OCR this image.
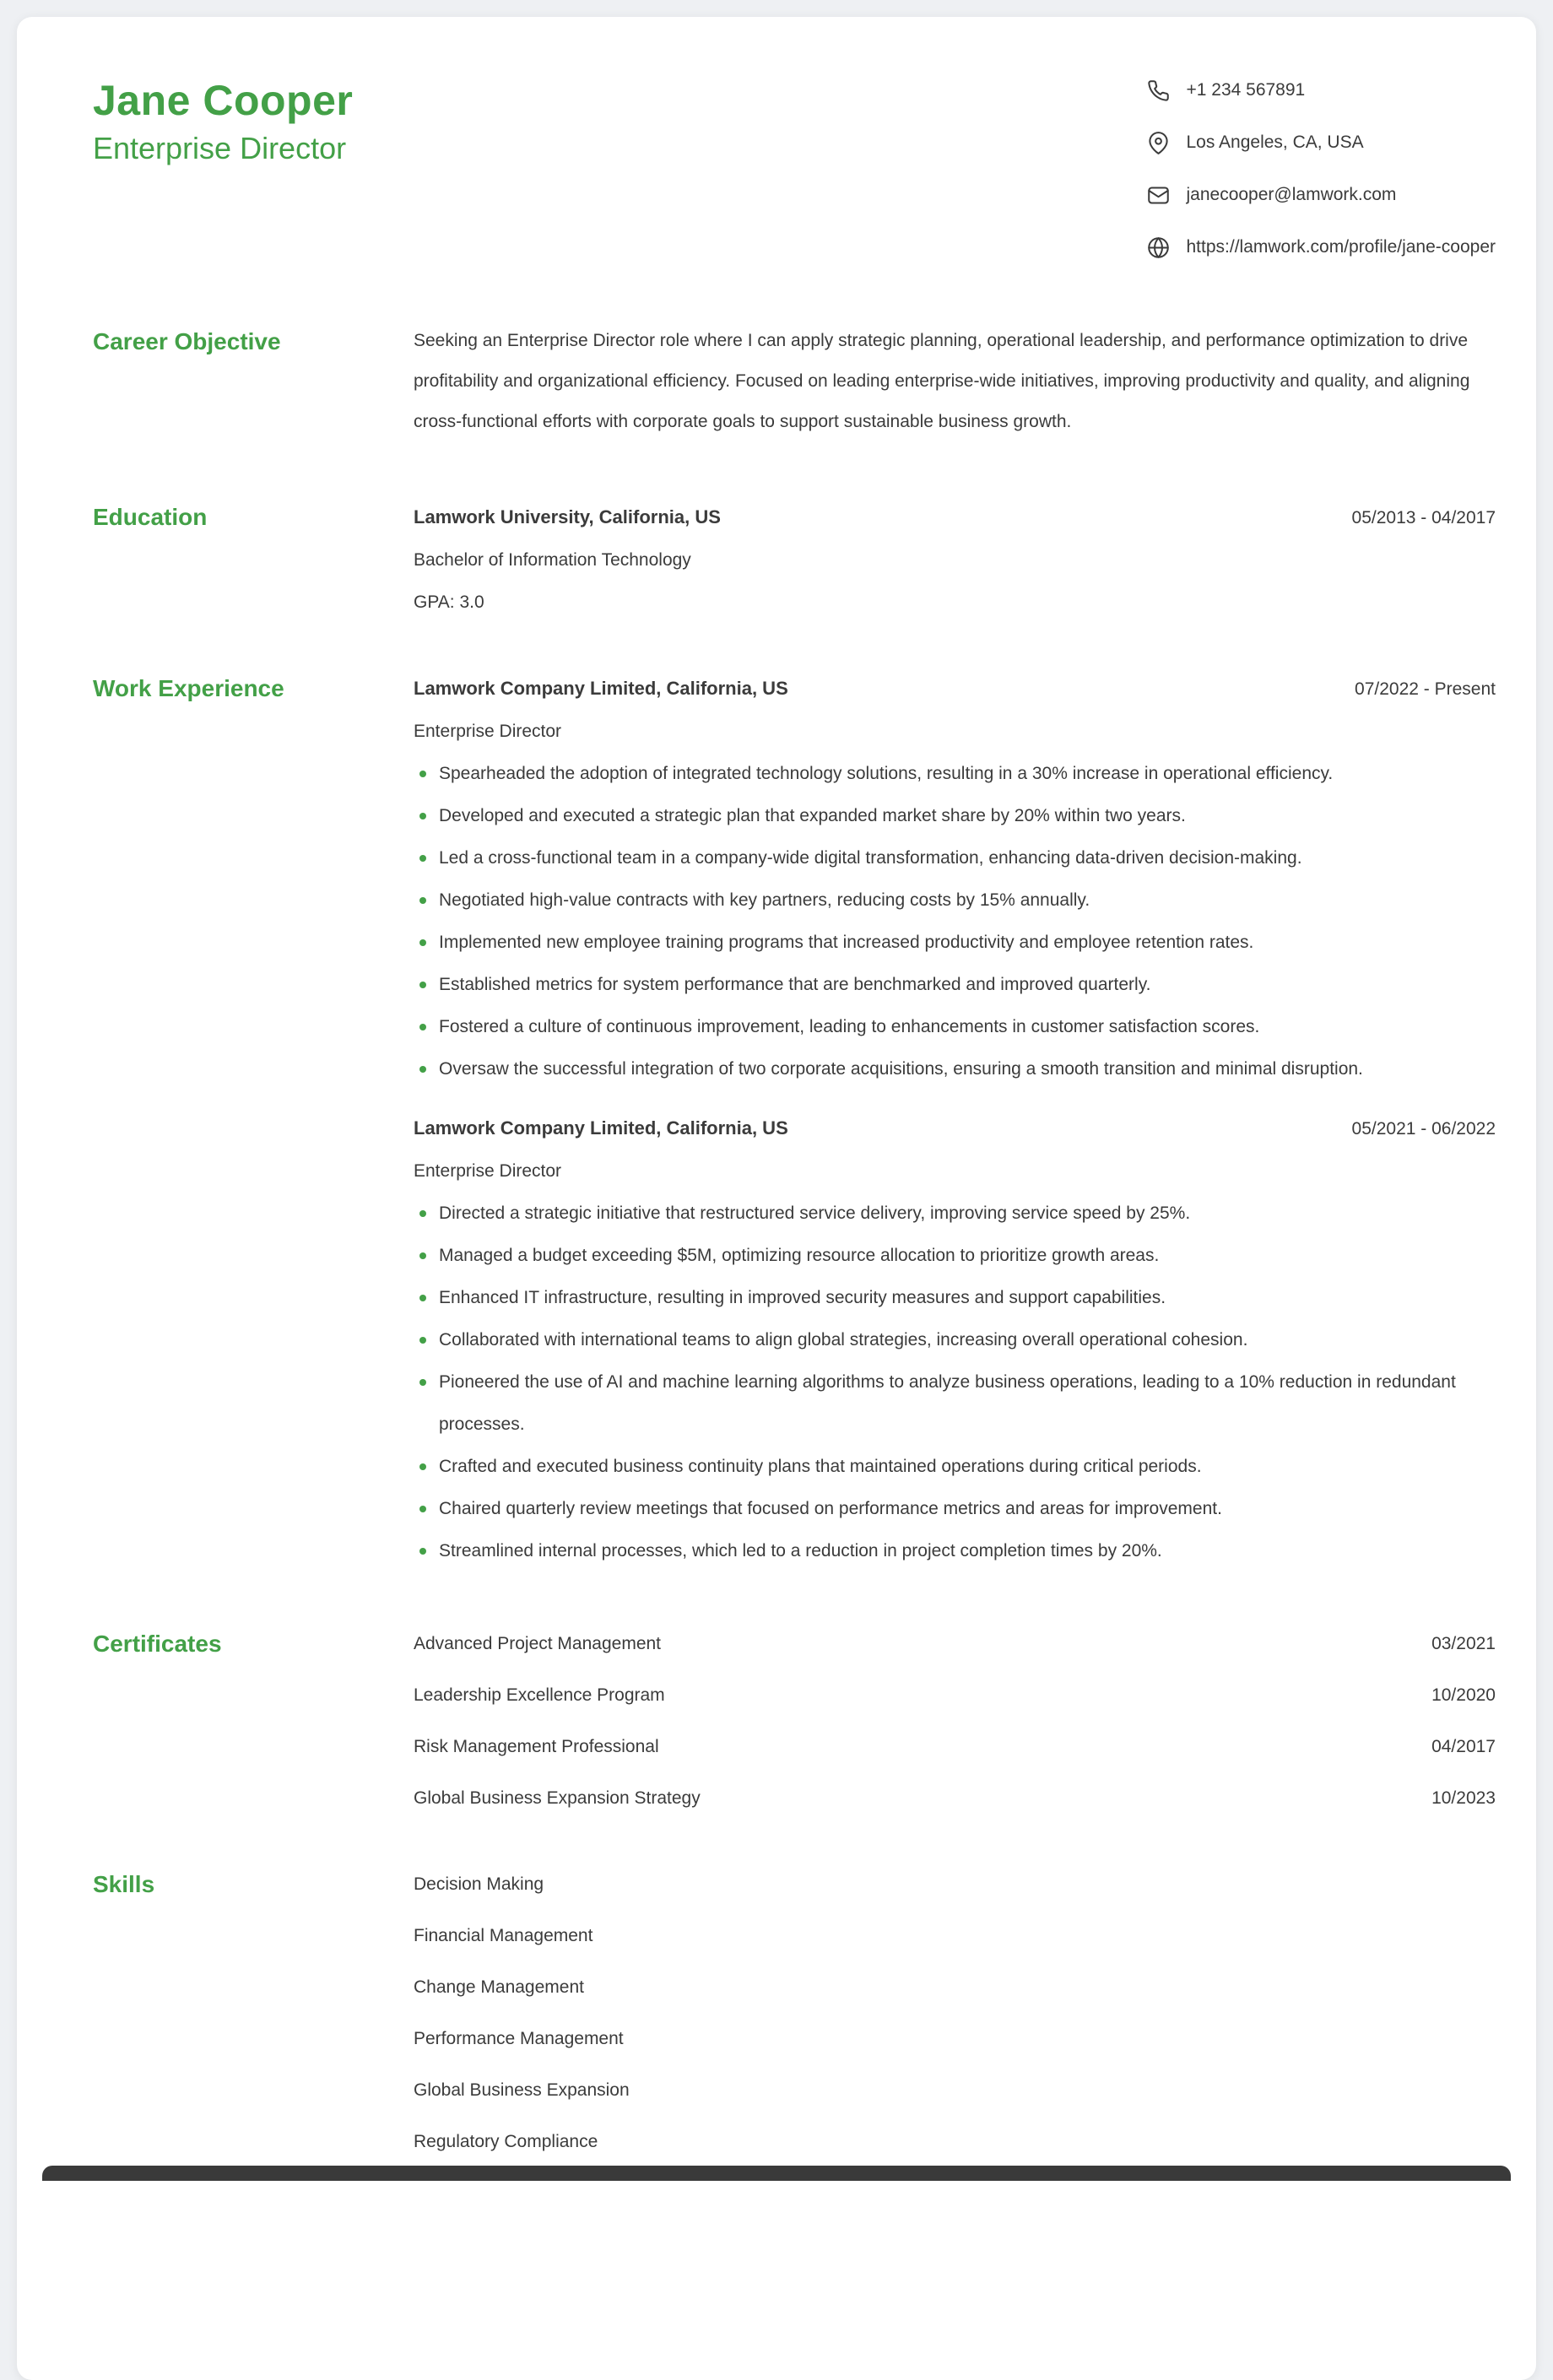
Jane Cooper
Enterprise Director
+1 234 567891
Los Angeles, CA, USA
janecooper@lamwork.com
https://lamwork.com/profile/jane-cooper
Career Objective	Seeking an Enterprise Director role where I can apply strategic planning, operational leadership, and performance optimization to drive profitability and organizational efficiency. Focused on leading enterprise-wide initiatives, improving productivity and quality, and aligning cross-functional efforts with corporate goals to support sustainable business growth.

Education	Lamwork University, California, US	05/2013 - 04/2017
Bachelor of Information Technology
GPA: 3.0
Work Experience	Lamwork Company Limited, California, US	07/2022 - Present
Enterprise Director
Spearheaded the adoption of integrated technology solutions, resulting in a 30% increase in operational efficiency.
Developed and executed a strategic plan that expanded market share by 20% within two years.
Led a cross-functional team in a company-wide digital transformation, enhancing data-driven decision-making.
Negotiated high-value contracts with key partners, reducing costs by 15% annually.
Implemented new employee training programs that increased productivity and employee retention rates.
Established metrics for system performance that are benchmarked and improved quarterly.
Fostered a culture of continuous improvement, leading to enhancements in customer satisfaction scores.
Oversaw the successful integration of two corporate acquisitions, ensuring a smooth transition and minimal disruption.
Lamwork Company Limited, California, US	05/2021 - 06/2022
Enterprise Director
Directed a strategic initiative that restructured service delivery, improving service speed by 25%.
Managed a budget exceeding $5M, optimizing resource allocation to prioritize growth areas.
Enhanced IT infrastructure, resulting in improved security measures and support capabilities.
Collaborated with international teams to align global strategies, increasing overall operational cohesion.
Pioneered the use of AI and machine learning algorithms to analyze business operations, leading to a 10% reduction in redundant processes.
Crafted and executed business continuity plans that maintained operations during critical periods.
Chaired quarterly review meetings that focused on performance metrics and areas for improvement.
Streamlined internal processes, which led to a reduction in project completion times by 20%.
Certificates	Advanced Project Management	03/2021
Leadership Excellence Program	10/2020
Risk Management Professional	04/2017
Global Business Expansion Strategy	10/2023
Skills	Decision Making
Financial Management
Change Management
Performance Management
Global Business Expansion
Regulatory Compliance
